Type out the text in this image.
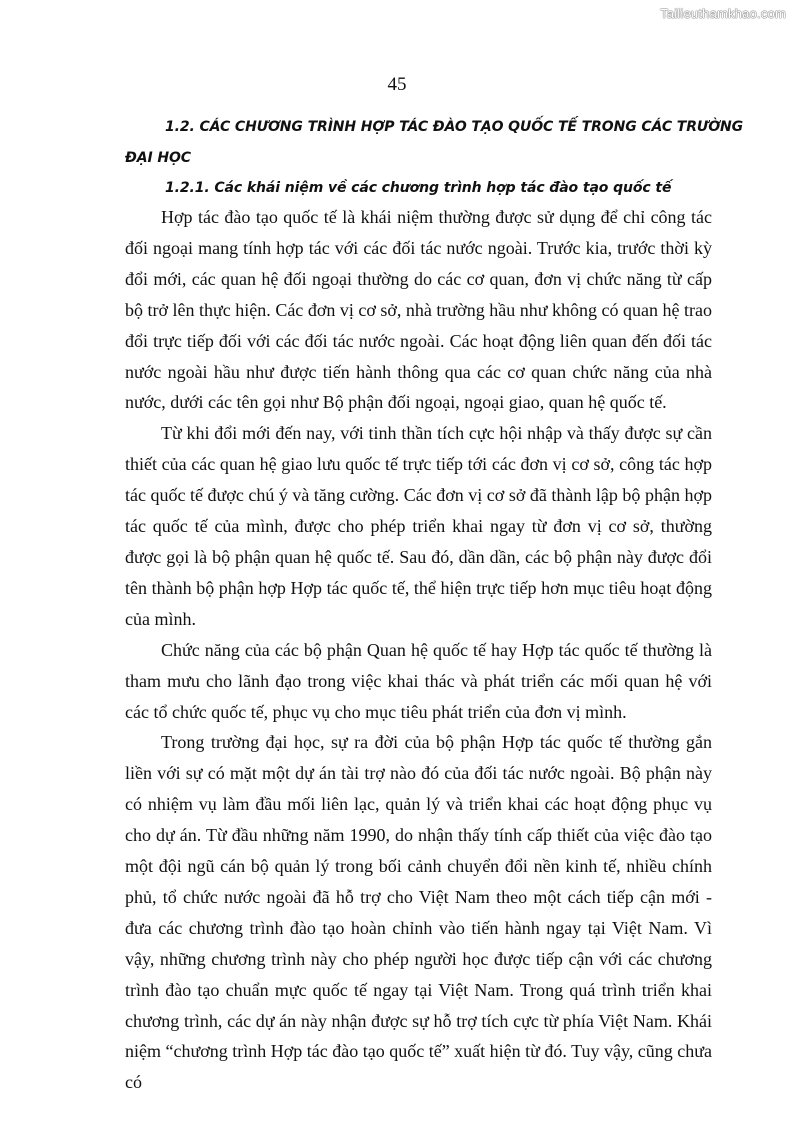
Tailieuthamkhao.com
45
1.2. CÁC CHƯƠNG TRÌNH HỢP TÁC ĐÀO TẠO QUỐC TẾ TRONG CÁC TRƯỜNG
ĐẠI HỌC
1.2.1. Các khái niệm về các chương trình hợp tác đào tạo quốc tế

Hợp tác đào tạo quốc tế là khái niệm thường được sử dụng để chỉ công tác đối ngoại mang tính hợp tác với các đối tác nước ngoài. Trước kia, trước thời kỳ đổi mới, các quan hệ đối ngoại thường do các cơ quan, đơn vị chức năng từ cấp bộ trở lên thực hiện. Các đơn vị cơ sở, nhà trường hầu như không có quan hệ trao đổi trực tiếp đối với các đối tác nước ngoài. Các hoạt động liên quan đến đối tác nước ngoài hầu như được tiến hành thông qua các cơ quan chức năng của nhà nước, dưới các tên gọi như Bộ phận đối ngoại, ngoại giao, quan hệ quốc tế.

Từ khi đổi mới đến nay, với tinh thần tích cực hội nhập và thấy được sự cần thiết của các quan hệ giao lưu quốc tế trực tiếp tới các đơn vị cơ sở, công tác hợp tác quốc tế được chú ý và tăng cường. Các đơn vị cơ sở đã thành lập bộ phận hợp tác quốc tế của mình, được cho phép triển khai ngay từ đơn vị cơ sở, thường được gọi là bộ phận quan hệ quốc tế. Sau đó, dần dần, các bộ phận này được đổi tên thành bộ phận hợp Hợp tác quốc tế, thể hiện trực tiếp hơn mục tiêu hoạt động của mình.

Chức năng của các bộ phận Quan hệ quốc tế hay Hợp tác quốc tế thường là tham mưu cho lãnh đạo trong việc khai thác và phát triển các mối quan hệ với các tổ chức quốc tế, phục vụ cho mục tiêu phát triển của đơn vị mình.

Trong trường đại học, sự ra đời của bộ phận Hợp tác quốc tế thường gắn liền với sự có mặt một dự án tài trợ nào đó của đối tác nước ngoài. Bộ phận này có nhiệm vụ làm đầu mối liên lạc, quản lý và triển khai các hoạt động phục vụ cho dự án. Từ đầu những năm 1990, do nhận thấy tính cấp thiết của việc đào tạo một đội ngũ cán bộ quản lý trong bối cảnh chuyển đổi nền kinh tế, nhiều chính phủ, tổ chức nước ngoài đã hỗ trợ cho Việt Nam theo một cách tiếp cận mới - đưa các chương trình đào tạo hoàn chỉnh vào tiến hành ngay tại Việt Nam. Vì vậy, những chương trình này cho phép người học được tiếp cận với các chương trình đào tạo chuẩn mực quốc tế ngay tại Việt Nam. Trong quá trình triển khai chương trình, các dự án này nhận được sự hỗ trợ tích cực từ phía Việt Nam. Khái niệm “chương trình Hợp tác đào tạo quốc tế” xuất hiện từ đó. Tuy vậy, cũng chưa có
